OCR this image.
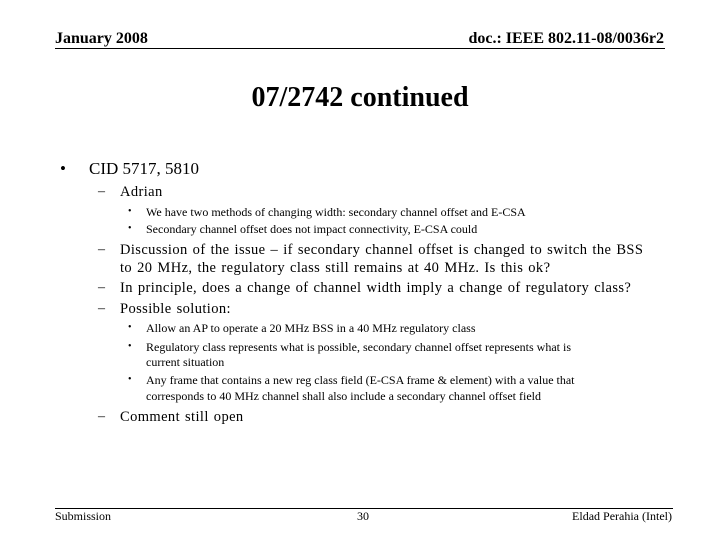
January 2008	doc.: IEEE 802.11-08/0036r2
07/2742 continued
• CID 5717, 5810
– Adrian
• We have two methods of changing width: secondary channel offset and E-CSA
• Secondary channel offset does not impact connectivity, E-CSA could
– Discussion of the issue – if secondary channel offset is changed to switch the BSS
to 20 MHz, the regulatory class still remains at 40 MHz. Is this ok?
– In principle, does a change of channel width imply a change of regulatory class?
– Possible solution:
• Allow an AP to operate a 20 MHz BSS in a 40 MHz regulatory class
• Regulatory class represents what is possible, secondary channel offset represents what is
current situation
• Any frame that contains a new reg class field (E-CSA frame & element) with a value that
corresponds to 40 MHz channel shall also include a secondary channel offset field
– Comment still open
Submission	30	Eldad Perahia (Intel)
